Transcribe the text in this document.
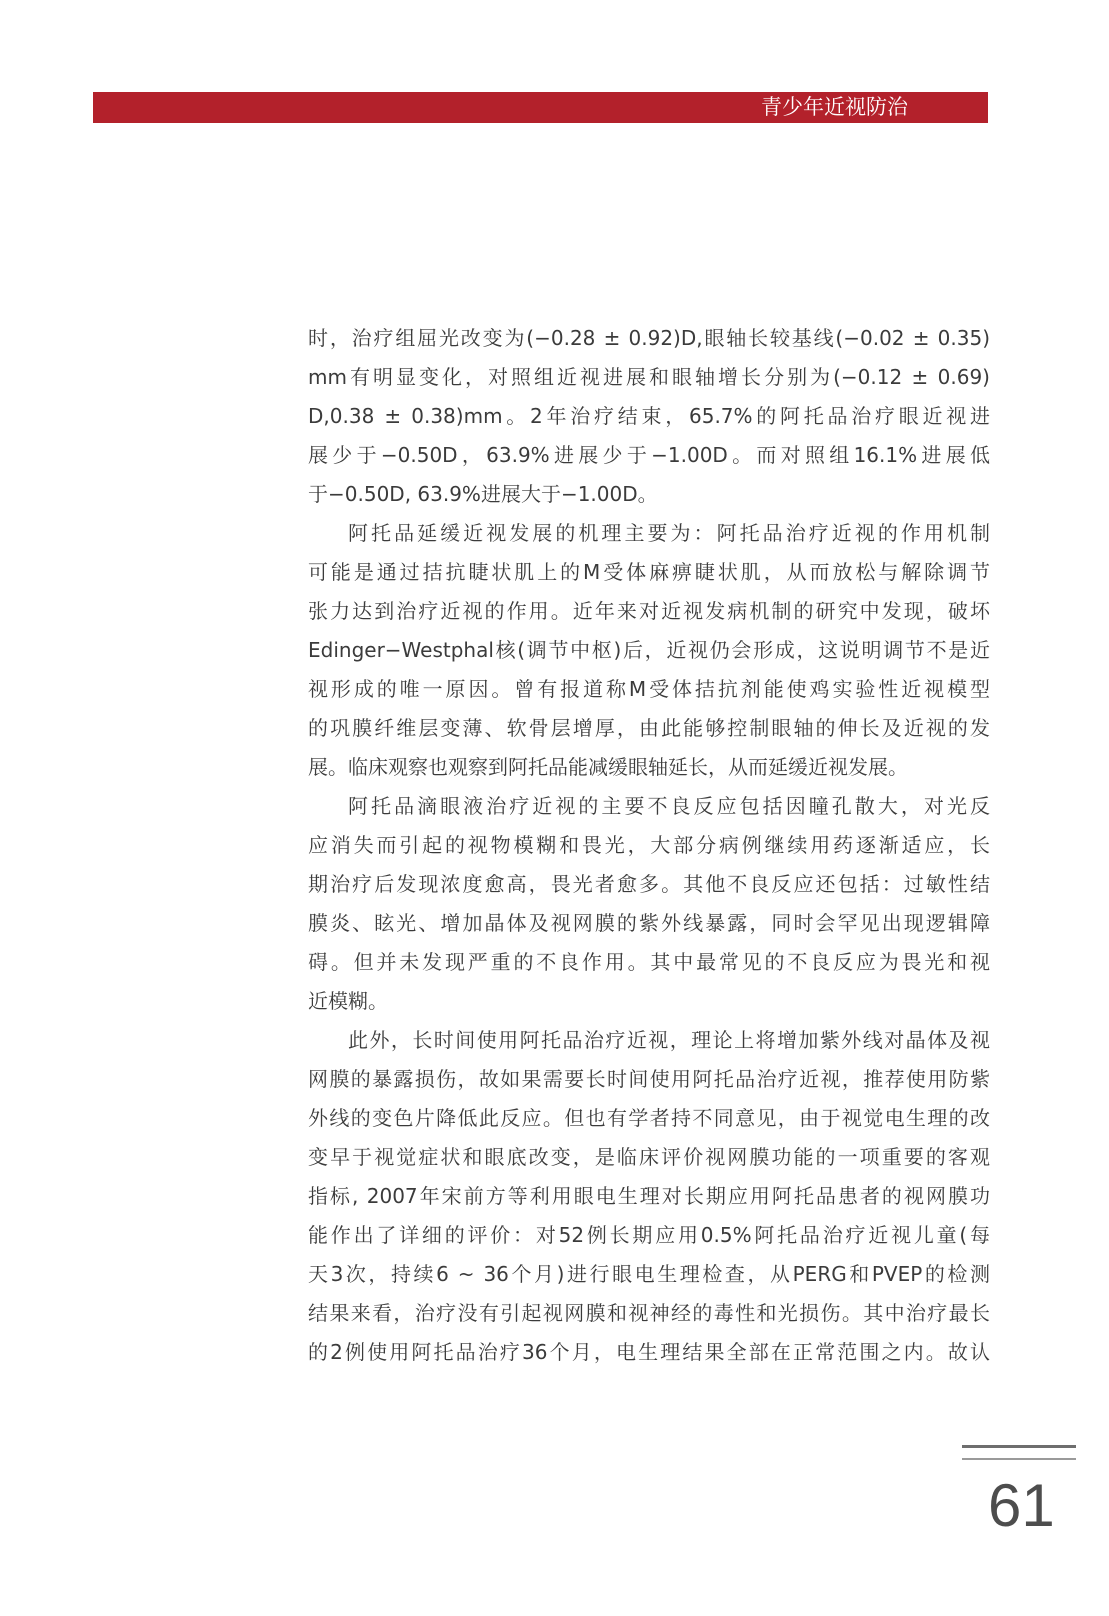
青少年近视防治
时，治疗组屈光改变为(−0.28 ± 0.92)D,眼轴长较基线(−0.02 ± 0.35)
mm有明显变化，对照组近视进展和眼轴增长分别为(−0.12 ± 0.69)
D,0.38 ± 0.38)mm。2年治疗结束，65.7%的阿托品治疗眼近视进
展少于−0.50D，63.9%进展少于−1.00D。而对照组16.1%进展低
于−0.50D, 63.9%进展大于−1.00D。
阿托品延缓近视发展的机理主要为：阿托品治疗近视的作用机制
可能是通过拮抗睫状肌上的M受体麻痹睫状肌，从而放松与解除调节
张力达到治疗近视的作用。近年来对近视发病机制的研究中发现，破坏
Edinger−Westphal核(调节中枢)后，近视仍会形成，这说明调节不是近
视形成的唯一原因。曾有报道称M受体拮抗剂能使鸡实验性近视模型
的巩膜纤维层变薄、软骨层增厚，由此能够控制眼轴的伸长及近视的发
展。临床观察也观察到阿托品能减缓眼轴延长，从而延缓近视发展。
阿托品滴眼液治疗近视的主要不良反应包括因瞳孔散大，对光反
应消失而引起的视物模糊和畏光，大部分病例继续用药逐渐适应，长
期治疗后发现浓度愈高，畏光者愈多。其他不良反应还包括：过敏性结
膜炎、眩光、增加晶体及视网膜的紫外线暴露，同时会罕见出现逻辑障
碍。但并未发现严重的不良作用。其中最常见的不良反应为畏光和视
近模糊。
此外，长时间使用阿托品治疗近视，理论上将增加紫外线对晶体及视
网膜的暴露损伤，故如果需要长时间使用阿托品治疗近视，推荐使用防紫
外线的变色片降低此反应。但也有学者持不同意见，由于视觉电生理的改
变早于视觉症状和眼底改变，是临床评价视网膜功能的一项重要的客观
指标, 2007年宋前方等利用眼电生理对长期应用阿托品患者的视网膜功
能作出了详细的评价：对52例长期应用0.5%阿托品治疗近视儿童(每
天3次，持续6 ~ 36个月)进行眼电生理检查，从PERG和PVEP的检测
结果来看，治疗没有引起视网膜和视神经的毒性和光损伤。其中治疗最长
的2例使用阿托品治疗36个月，电生理结果全部在正常范围之内。故认
61
